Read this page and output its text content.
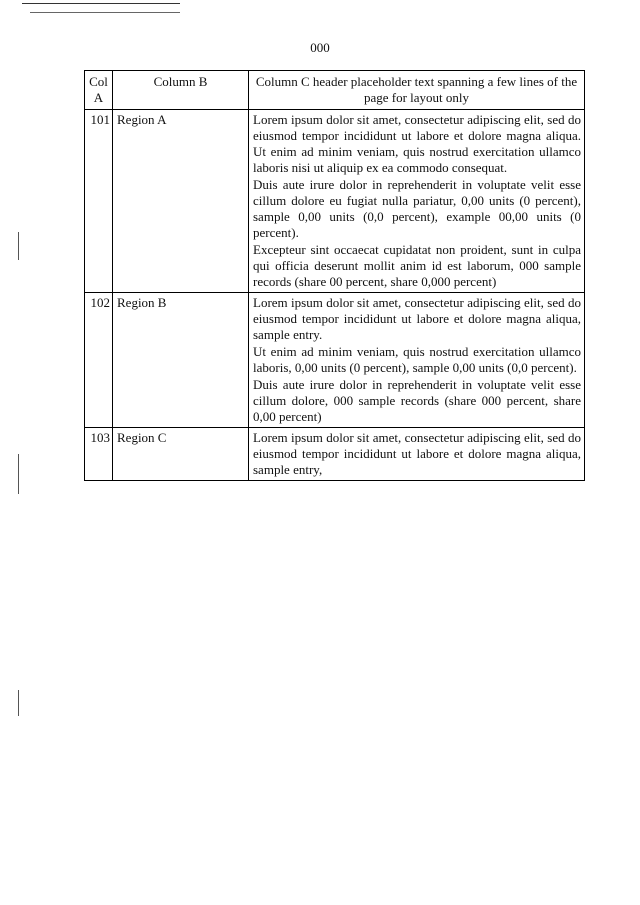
000
Col A	Column B	Column C header placeholder text spanning a few lines of the page for layout only
101	Region A	Lorem ipsum dolor sit amet, consectetur adipiscing elit, sed do eiusmod tempor incididunt ut labore et dolore magna aliqua. Ut enim ad minim veniam, quis nostrud exercitation ullamco laboris nisi ut aliquip ex ea commodo consequat.

Duis aute irure dolor in reprehenderit in voluptate velit esse cillum dolore eu fugiat nulla pariatur, 0,00 units (0 percent), sample 0,00 units (0,0 percent), example 00,00 units (0 percent).

Excepteur sint occaecat cupidatat non proident, sunt in culpa qui officia deserunt mollit anim id est laborum, 000 sample records (share 00 percent, share 0,000 percent)

102	Region B	Lorem ipsum dolor sit amet, consectetur adipiscing elit, sed do eiusmod tempor incididunt ut labore et dolore magna aliqua, sample entry.

Ut enim ad minim veniam, quis nostrud exercitation ullamco laboris, 0,00 units (0 percent), sample 0,00 units (0,0 percent).

Duis aute irure dolor in reprehenderit in voluptate velit esse cillum dolore, 000 sample records (share 000 percent, share 0,00 percent)

103	Region C	Lorem ipsum dolor sit amet, consectetur adipiscing elit, sed do eiusmod tempor incididunt ut labore et dolore magna aliqua, sample entry,
